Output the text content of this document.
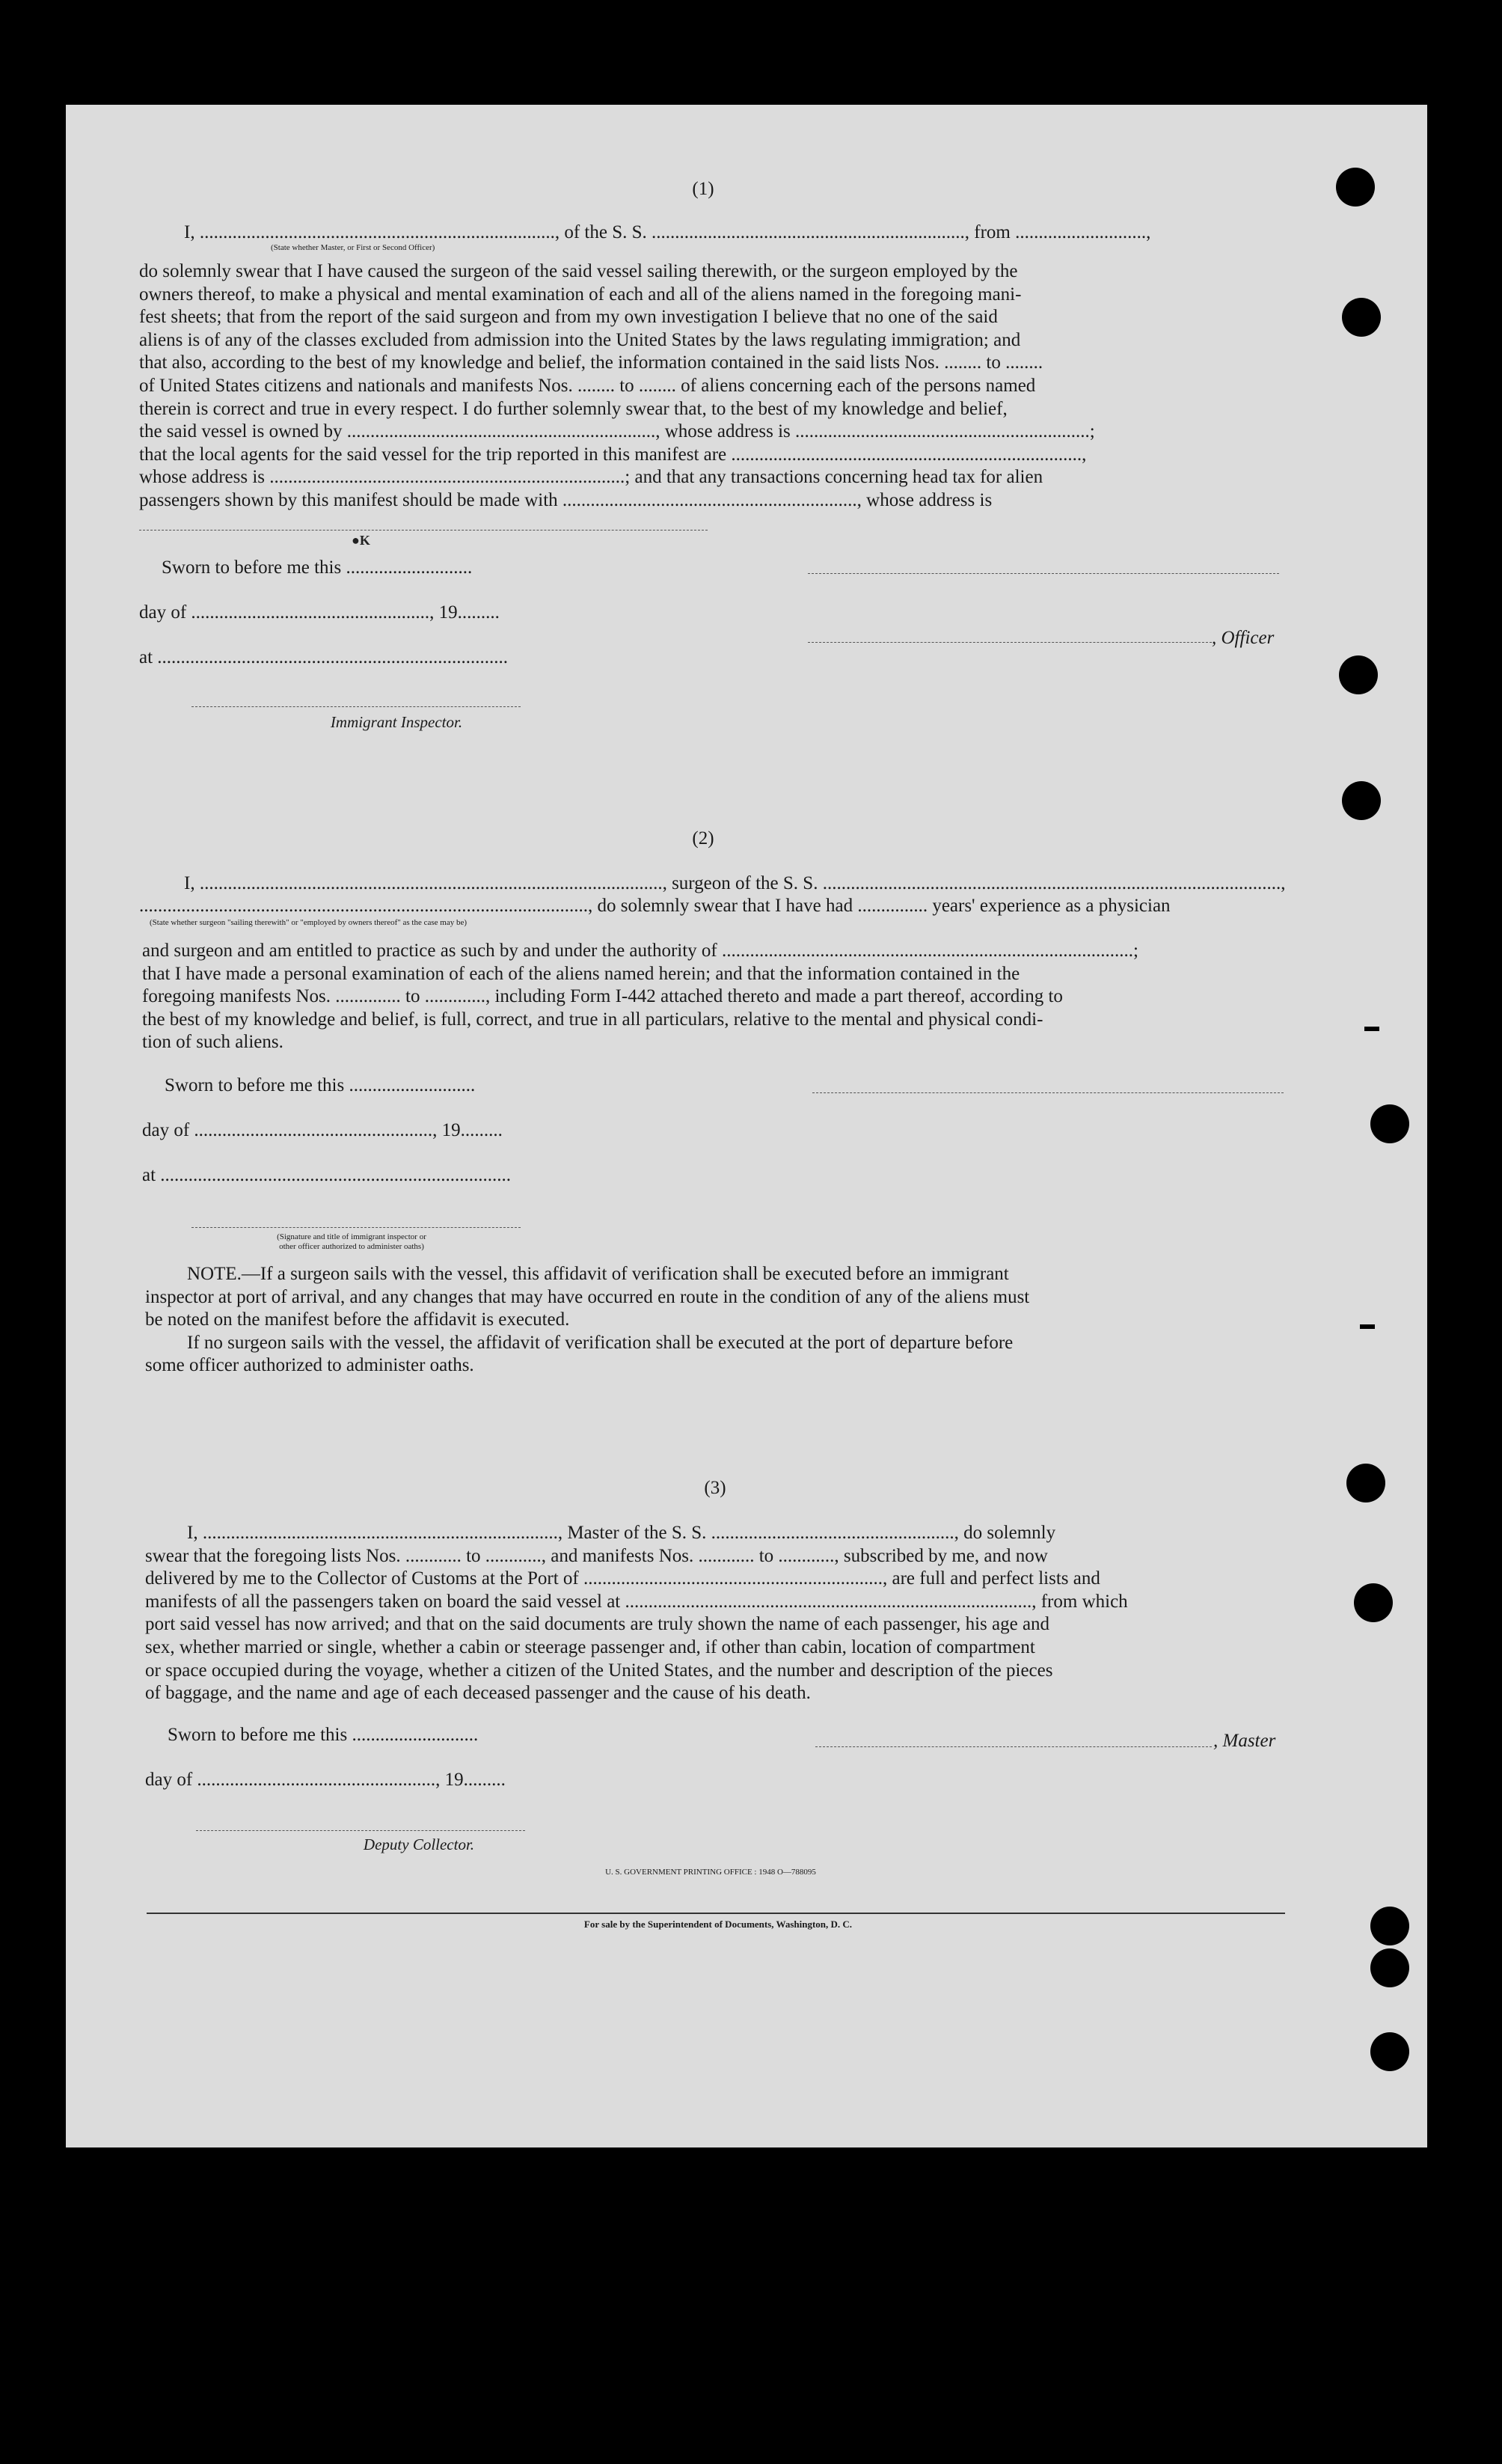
(1)
I, ............................................................................, of the S. S. ..................................................................., from ............................,
(State whether Master, or First or Second Officer)
do solemnly swear that I have caused the surgeon of the said vessel sailing therewith, or the surgeon employed by the
owners thereof, to make a physical and mental examination of each and all of the aliens named in the foregoing mani-
fest sheets; that from the report of the said surgeon and from my own investigation I believe that no one of the said
aliens is of any of the classes excluded from admission into the United States by the laws regulating immigration; and
that also, according to the best of my knowledge and belief, the information contained in the said lists Nos. ........ to ........
of United States citizens and nationals and manifests Nos. ........ to ........ of aliens concerning each of the persons named
therein is correct and true in every respect. I do further solemnly swear that, to the best of my knowledge and belief,
the said vessel is owned by .................................................................., whose address is ...............................................................;
that the local agents for the said vessel for the trip reported in this manifest are ...........................................................................,
whose address is ............................................................................; and that any transactions concerning head tax for alien
passengers shown by this manifest should be made with ..............................................................., whose address is
●K
Sworn to before me this ...........................
day of ..................................................., 19.........
at ...........................................................................
Immigrant Inspector.
, Officer
(2)
I, ..................................................................................................., surgeon of the S. S. ..................................................................................................,
................................................................................................, do solemnly swear that I have had ............... years' experience as a physician
(State whether surgeon "sailing therewith" or "employed by owners thereof" as the case may be)
and surgeon and am entitled to practice as such by and under the authority of ........................................................................................;
that I have made a personal examination of each of the aliens named herein; and that the information contained in the
foregoing manifests Nos. .............. to ............., including Form I-442 attached thereto and made a part thereof, according to
the best of my knowledge and belief, is full, correct, and true in all particulars, relative to the mental and physical condi-
tion of such aliens.
Sworn to before me this ...........................
day of ..................................................., 19.........
at ...........................................................................
(Signature and title of immigrant inspector or
other officer authorized to administer oaths)
NOTE.—If a surgeon sails with the vessel, this affidavit of verification shall be executed before an immigrant
inspector at port of arrival, and any changes that may have occurred en route in the condition of any of the aliens must
be noted on the manifest before the affidavit is executed.
If no surgeon sails with the vessel, the affidavit of verification shall be executed at the port of departure before
some officer authorized to administer oaths.
(3)
I, ............................................................................, Master of the S. S. ...................................................., do solemnly
swear that the foregoing lists Nos. ............ to ............, and manifests Nos. ............ to ............, subscribed by me, and now
delivered by me to the Collector of Customs at the Port of ................................................................, are full and perfect lists and
manifests of all the passengers taken on board the said vessel at ......................................................................................., from which
port said vessel has now arrived; and that on the said documents are truly shown the name of each passenger, his age and
sex, whether married or single, whether a cabin or steerage passenger and, if other than cabin, location of compartment
or space occupied during the voyage, whether a citizen of the United States, and the number and description of the pieces
of baggage, and the name and age of each deceased passenger and the cause of his death.
Sworn to before me this ...........................
day of ..................................................., 19.........
Deputy Collector.
, Master
U. S. GOVERNMENT PRINTING OFFICE : 1948 O—788095
For sale by the Superintendent of Documents, Washington, D. C.
